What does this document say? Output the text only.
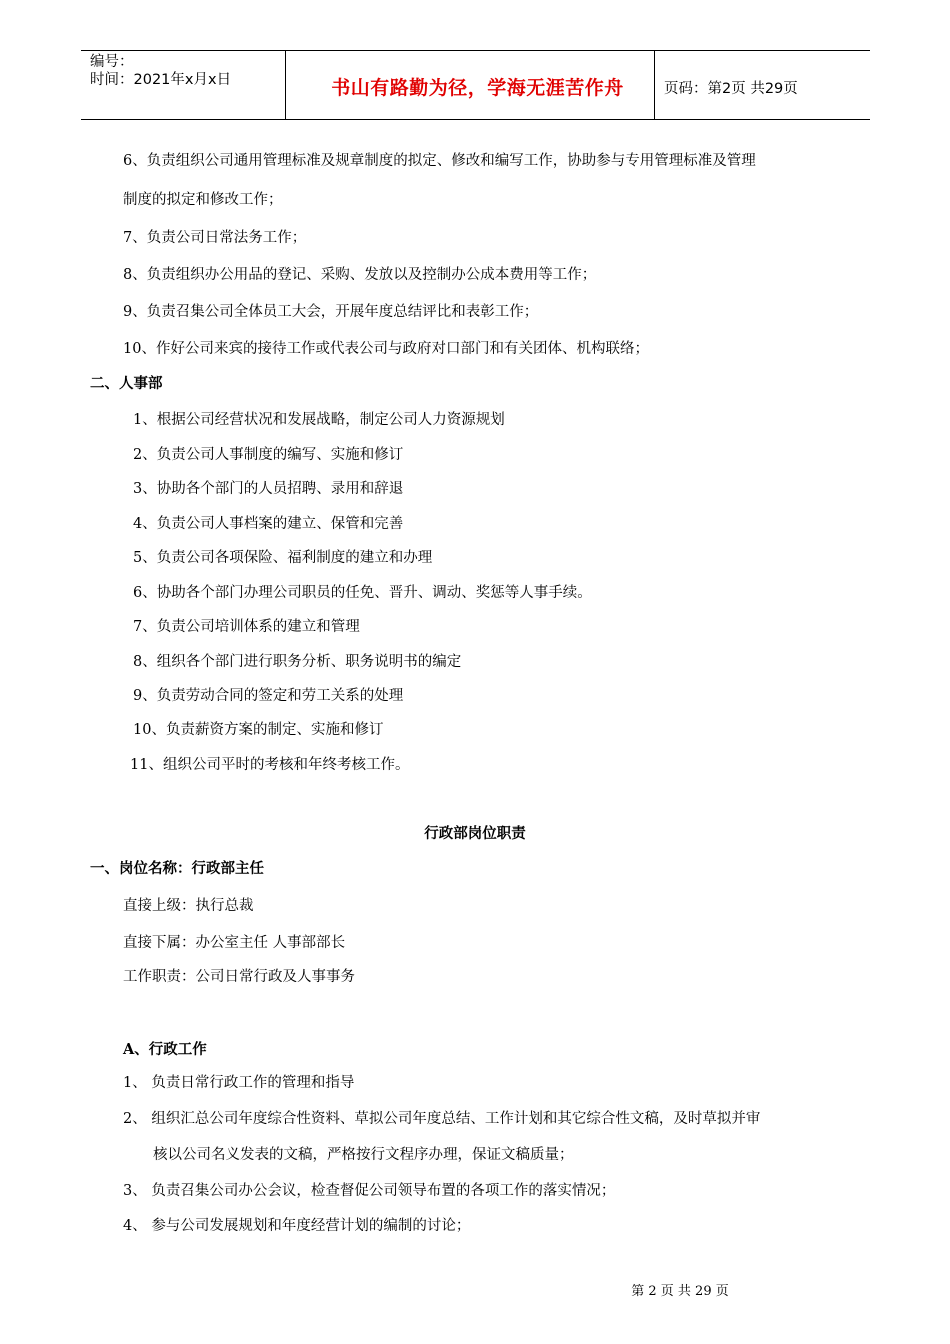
编号：
时间：2021年x月x日	书山有路勤为径，学海无涯苦作舟	页码：第2页 共29页
6、负责组织公司通用管理标准及规章制度的拟定、修改和编写工作，协助参与专用管理标准及管理
制度的拟定和修改工作；
7、负责公司日常法务工作；
8、负责组织办公用品的登记、采购、发放以及控制办公成本费用等工作；
9、负责召集公司全体员工大会，开展年度总结评比和表彰工作；
10、作好公司来宾的接待工作或代表公司与政府对口部门和有关团体、机构联络；
二、人事部
1、根据公司经营状况和发展战略，制定公司人力资源规划
2、负责公司人事制度的编写、实施和修订
3、协助各个部门的人员招聘、录用和辞退
4、负责公司人事档案的建立、保管和完善
5、负责公司各项保险、福利制度的建立和办理
6、协助各个部门办理公司职员的任免、晋升、调动、奖惩等人事手续。
7、负责公司培训体系的建立和管理
8、组织各个部门进行职务分析、职务说明书的编定
9、负责劳动合同的签定和劳工关系的处理
10、负责薪资方案的制定、实施和修订
11、组织公司平时的考核和年终考核工作。
行政部岗位职责
一、岗位名称：行政部主任
直接上级：执行总裁
直接下属：办公室主任 人事部部长
工作职责：公司日常行政及人事事务
A、行政工作
1、 负责日常行政工作的管理和指导
2、 组织汇总公司年度综合性资料、草拟公司年度总结、工作计划和其它综合性文稿，及时草拟并审
核以公司名义发表的文稿，严格按行文程序办理，保证文稿质量；
3、 负责召集公司办公会议，检查督促公司领导布置的各项工作的落实情况；
4、 参与公司发展规划和年度经营计划的编制的讨论；
第 2 页 共 29 页
